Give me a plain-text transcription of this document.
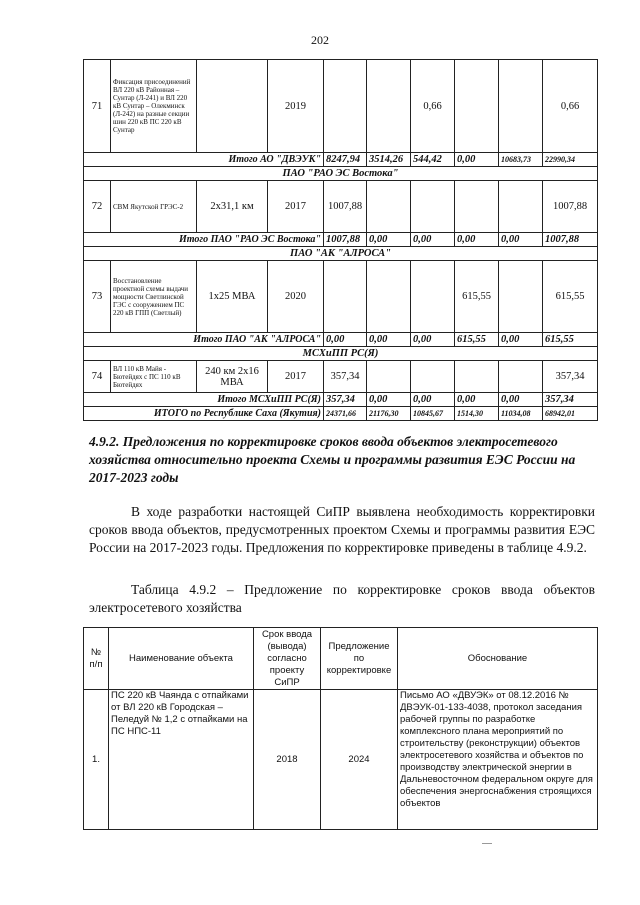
202
71	Фиксация присоединений ВЛ 220 кВ Районная – Сунтар (Л-241) и ВЛ 220 кВ Сунтар – Олекминск (Л-242) на разные секции шин 220 кВ ПС 220 кВ Сунтар		2019			0,66			0,66
Итого АО "ДВЭУК"				8247,94	3514,26	544,42	0,00	10683,73	22990,34
ПАО "РАО ЭС Востока"									
72	СВМ Якутской ГРЭС-2	2х31,1 км	2017	1007,88					1007,88
Итого ПАО "РАО ЭС Востока"				1007,88	0,00	0,00	0,00	0,00	1007,88
ПАО "АК "АЛРОСА"									
73	Восстановление проектной схемы выдачи мощности Светлинской ГЭС с сооружением ПС 220 кВ ГПП (Светлый)	1х25 МВА	2020				615,55		615,55
Итого ПАО "АК "АЛРОСА"				0,00	0,00	0,00	615,55	0,00	615,55
МСХиПП РС(Я)									
74	ВЛ 110 кВ Майя - Бютейдях с ПС 110 кВ Бютейдях	240 км 2х16 МВА	2017	357,34					357,34
Итого МСХиПП РС(Я)				357,34	0,00	0,00	0,00	0,00	357,34
ИТОГО по Республике Саха (Якутия)				24371,66	21176,30	10845,67	1514,30	11034,08	68942,01
4.9.2. Предложения по корректировке сроков ввода объектов электросетевого хозяйства относительно проекта Схемы и программы развития ЕЭС России на 2017-2023 годы
В ходе разработки настоящей СиПР выявлена необходимость корректировки сроков ввода объектов, предусмотренных проектом Схемы и программы развития ЕЭС России на 2017-2023 годы. Предложения по корректировке приведены в таблице 4.9.2.
Таблица 4.9.2 – Предложение по корректировке сроков ввода объектов электросетевого хозяйства
№ п/п	Наименование объекта	Срок ввода (вывода) согласно проекту СиПР	Предложение по корректировке	Обоснование
1.	ПС 220 кВ Чаянда с отпайками от ВЛ 220 кВ Городская – Пеледуй № 1,2 с отпайками на ПС НПС-11	2018	2024	Письмо АО «ДВУЭК» от 08.12.2016 № ДВЭУК-01-133-4038, протокол заседания рабочей группы по разработке комплексного плана мероприятий по строительству (реконструкции) объектов электросетевого хозяйства и объектов по производству электрической энергии в Дальневосточном федеральном округе для обеспечения энергоснабжения строящихся объектов
